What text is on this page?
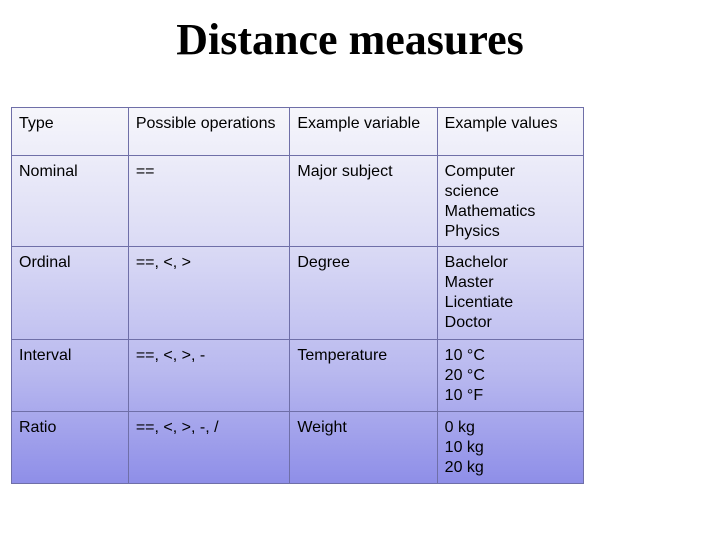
Distance measures
Type	Possible operations	Example variable	Example values
Nominal	==	Major subject	Computer
science
Mathematics
Physics

Ordinal	==, <, >	Degree	Bachelor
Master
Licentiate
Doctor

Interval	==, <, >, -	Temperature	10 °C
20 °C
10 °F

Ratio	==, <, >, -, /	Weight	0 kg
10 kg
20 kg
